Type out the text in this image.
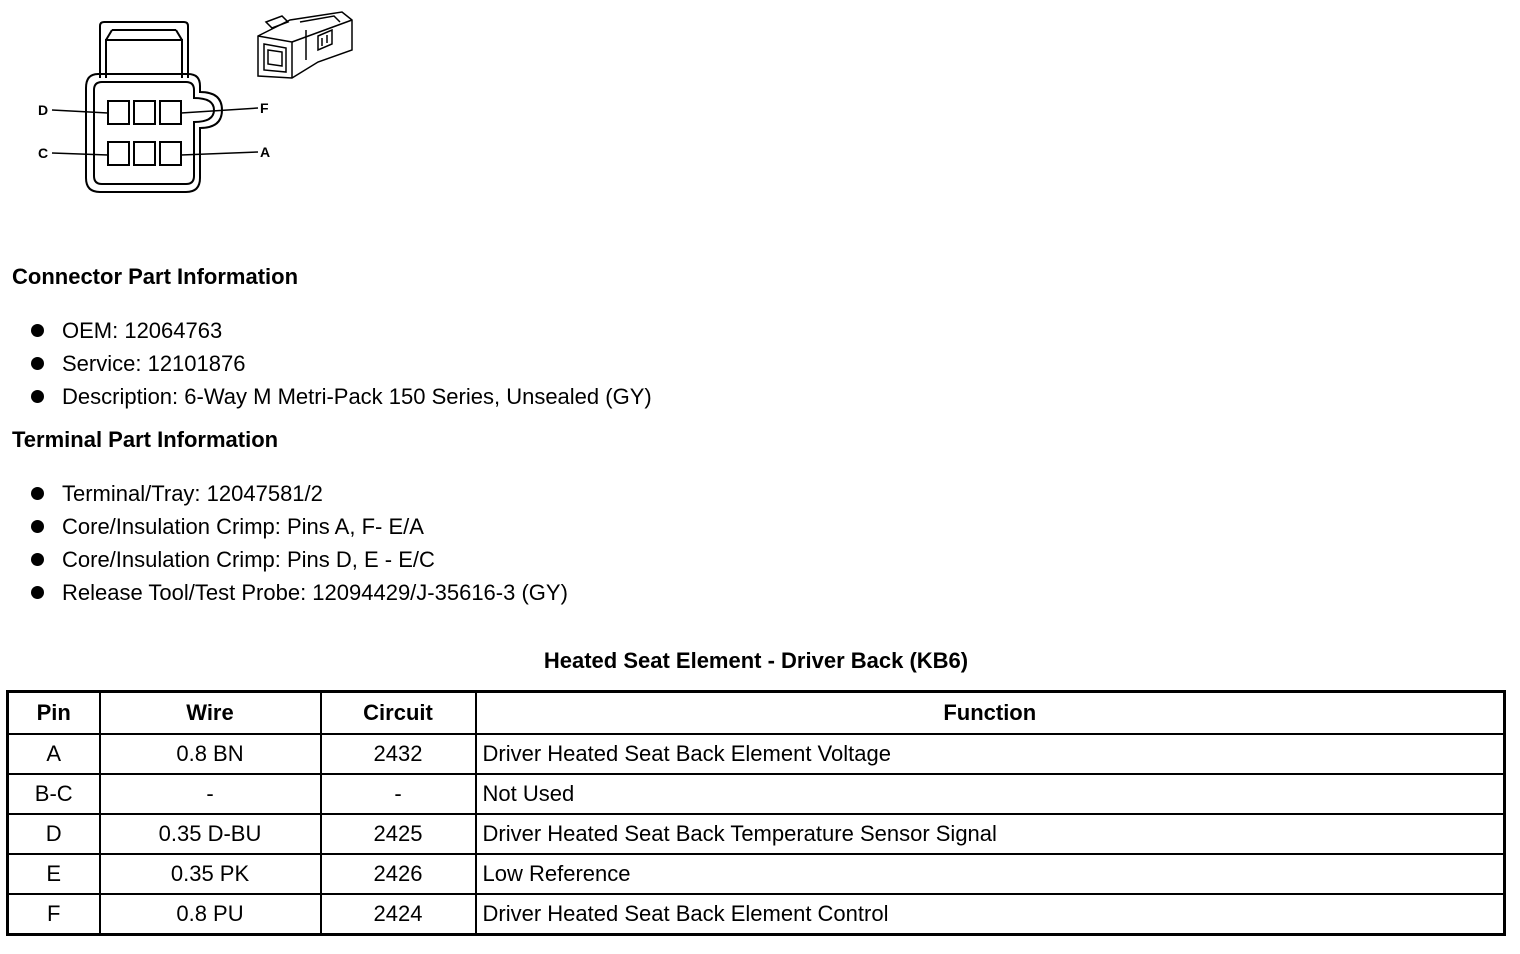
D
C
F
A
Connector Part Information
OEM: 12064763
Service: 12101876
Description: 6-Way M Metri-Pack 150 Series, Unsealed (GY)
Terminal Part Information
Terminal/Tray: 12047581/2
Core/Insulation Crimp: Pins A, F- E/A
Core/Insulation Crimp: Pins D, E - E/C
Release Tool/Test Probe: 12094429/J-35616-3 (GY)
Heated Seat Element - Driver Back (KB6)
Pin	Wire	Circuit	Function
A	0.8 BN	2432	Driver Heated Seat Back Element Voltage
B-C	-	-	Not Used
D	0.35 D-BU	2425	Driver Heated Seat Back Temperature Sensor Signal
E	0.35 PK	2426	Low Reference
F	0.8 PU	2424	Driver Heated Seat Back Element Control
